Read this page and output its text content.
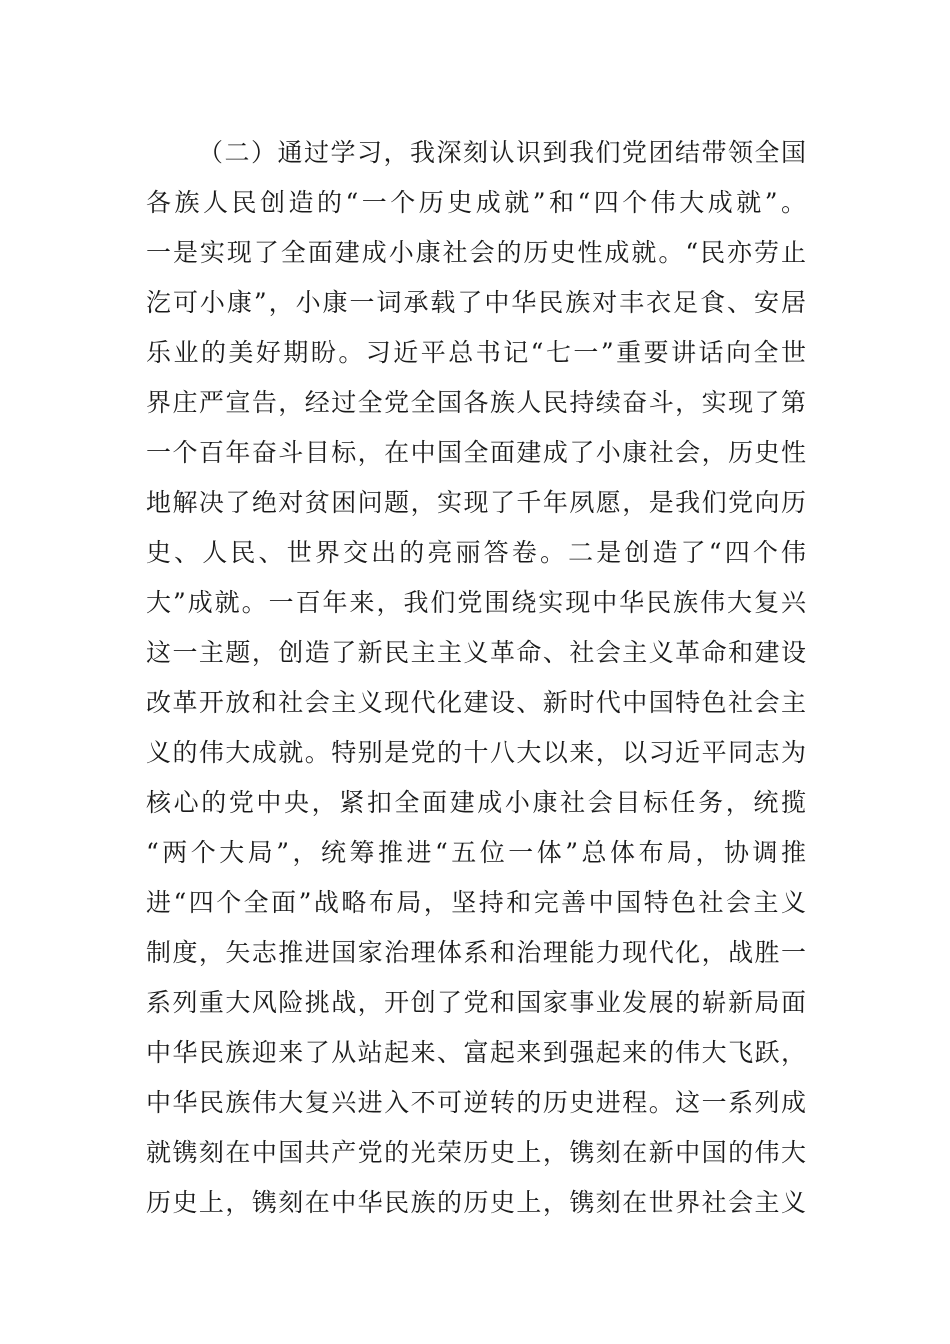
（二）通过学习，我深刻认识到我们党团结带领全国
各族人民创造的“一个历史成就”和“四个伟大成就”。
一是实现了全面建成小康社会的历史性成就。“民亦劳止
汔可小康”，小康一词承载了中华民族对丰衣足食、安居
乐业的美好期盼。习近平总书记“七一”重要讲话向全世
界庄严宣告，经过全党全国各族人民持续奋斗，实现了第
一个百年奋斗目标，在中国全面建成了小康社会，历史性
地解决了绝对贫困问题，实现了千年夙愿，是我们党向历
史、人民、世界交出的亮丽答卷。二是创造了“四个伟
大”成就。一百年来，我们党围绕实现中华民族伟大复兴
这一主题，创造了新民主主义革命、社会主义革命和建设
改革开放和社会主义现代化建设、新时代中国特色社会主
义的伟大成就。特别是党的十八大以来，以习近平同志为
核心的党中央，紧扣全面建成小康社会目标任务，统揽
“两个大局”，统筹推进“五位一体”总体布局，协调推
进“四个全面”战略布局，坚持和完善中国特色社会主义
制度，矢志推进国家治理体系和治理能力现代化，战胜一
系列重大风险挑战，开创了党和国家事业发展的崭新局面
中华民族迎来了从站起来、富起来到强起来的伟大飞跃，
中华民族伟大复兴进入不可逆转的历史进程。这一系列成
就镌刻在中国共产党的光荣历史上，镌刻在新中国的伟大
历史上，镌刻在中华民族的历史上，镌刻在世界社会主义
